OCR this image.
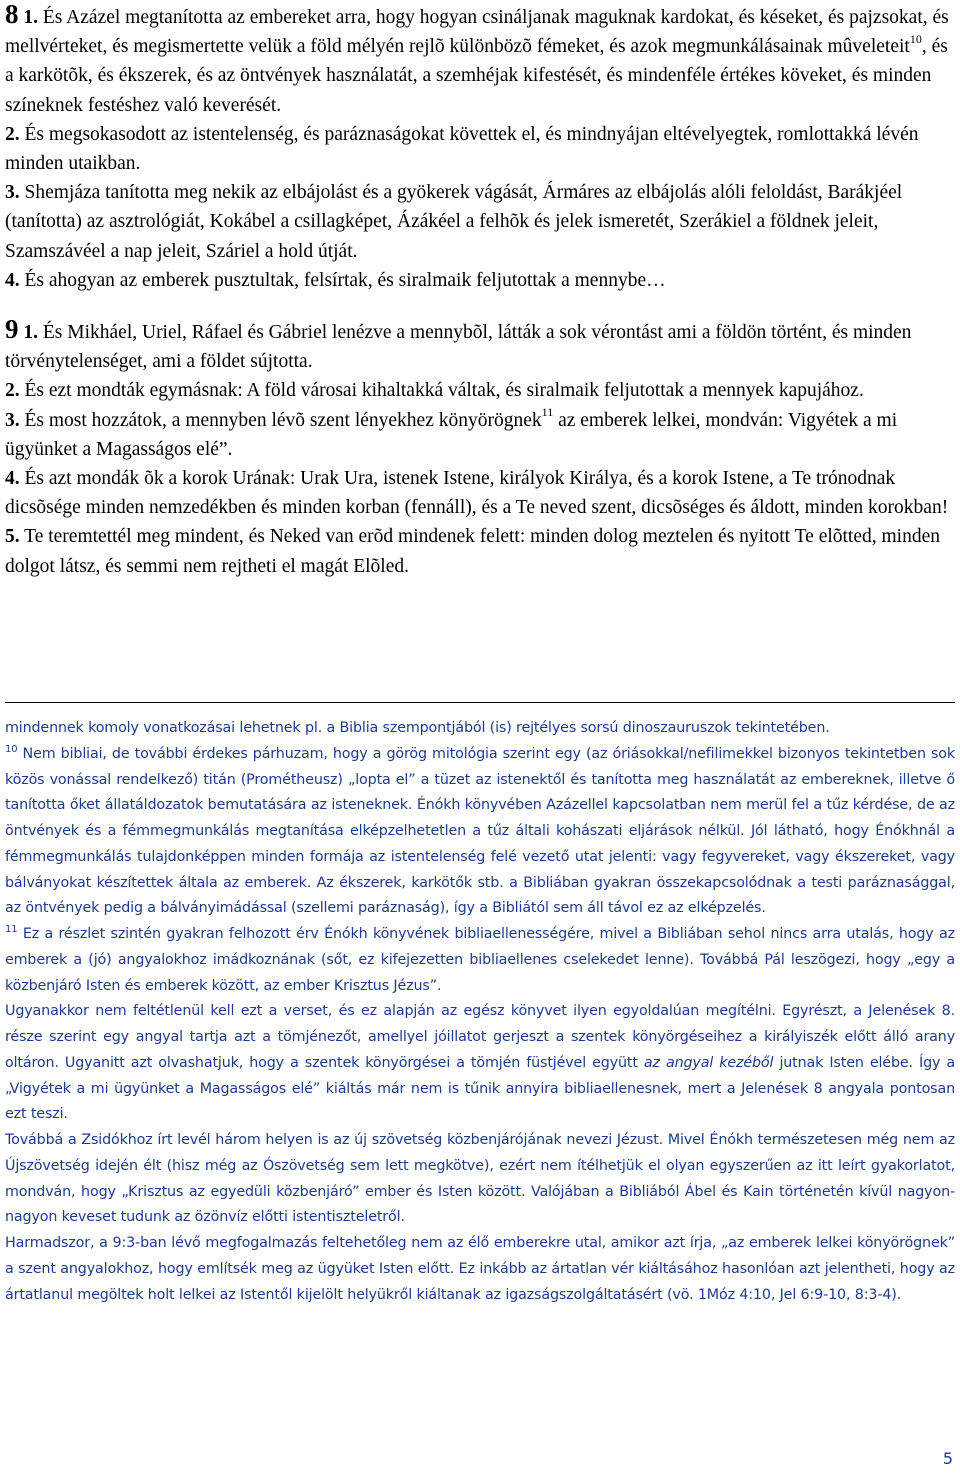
8 1. És Azázel megtanította az embereket arra, hogy hogyan csináljanak maguknak kardokat, és késeket, és pajzsokat, és mellvérteket, és megismertette velük a föld mélyén rejlõ különbözõ fémeket, és azok megmunkálásainak mûveleteit$^{10}$, és a karkötõk, és ékszerek, és az öntvények használatát, a szemhéjak kifestését, és mindenféle értékes köveket, és minden színeknek festéshez való keverését.

2. És megsokasodott az istentelenség, és paráznaságokat követtek el, és mindnyájan eltévelyegtek, romlottakká lévén minden utaikban.

3. Shemjáza tanította meg nekik az elbájolást és a gyökerek vágását, Ármáres az elbájolás alóli feloldást, Barákjéel (tanította) az asztrológiát, Kokábel a csillagképet, Ázákéel a felhõk és jelek ismeretét, Szerákiel a földnek jeleit, Szamszávéel a nap jeleit, Száriel a hold útját.

4. És ahogyan az emberek pusztultak, felsírtak, és siralmaik feljutottak a mennybe…

9 1. És Mikháel, Uriel, Ráfael és Gábriel lenézve a mennybõl, látták a sok vérontást ami a földön történt, és minden törvénytelenséget, ami a földet sújtotta.

2. És ezt mondták egymásnak: A föld városai kihaltakká váltak, és siralmaik feljutottak a mennyek kapujához.

3. És most hozzátok, a mennyben lévõ szent lényekhez könyörögnek$^{11}$ az emberek lelkei, mondván: Vigyétek a mi ügyünket a Magasságos elé”.

4. És azt mondák õk a korok Urának: Urak Ura, istenek Istene, királyok Királya, és a korok Istene, a Te trónodnak dicsõsége minden nemzedékben és minden korban (fennáll), és a Te neved szent, dicsõséges és áldott, minden korokban!

5. Te teremtettél meg mindent, és Neked van erõd mindenek felett: minden dolog meztelen és nyitott Te elõtted, minden dolgot látsz, és semmi nem rejtheti el magát Elõled.

mindennek komoly vonatkozásai lehetnek pl. a Biblia szempontjából (is) rejtélyes sorsú dinoszauruszok tekintetében.

$^{10}$ Nem bibliai, de további érdekes párhuzam, hogy a görög mitológia szerint egy (az óriásokkal/nefilimekkel bizonyos tekintetben sok közös vonással rendelkező) titán (Prométheusz) „lopta el” a tüzet az istenektől és tanította meg használatát az embereknek, illetve ő tanította őket állatáldozatok bemutatására az isteneknek. Énókh könyvében Azázellel kapcsolatban nem merül fel a tűz kérdése, de az öntvények és a fémmegmunkálás megtanítása elképzelhetetlen a tűz általi kohászati eljárások nélkül. Jól látható, hogy Énókhnál a fémmegmunkálás tulajdonképpen minden formája az istentelenség felé vezető utat jelenti: vagy fegyvereket, vagy ékszereket, vagy bálványokat készítettek általa az emberek. Az ékszerek, karkötők stb. a Bibliában gyakran összekapcsolódnak a testi paráznasággal, az öntvények pedig a bálványimádással (szellemi paráznaság), így a Bibliától sem áll távol ez az elképzelés.

$^{11}$ Ez a részlet szintén gyakran felhozott érv Énókh könyvének bibliaellenességére, mivel a Bibliában sehol nincs arra utalás, hogy az emberek a (jó) angyalokhoz imádkoznának (sőt, ez kifejezetten bibliaellenes cselekedet lenne). Továbbá Pál leszögezi, hogy „egy a közbenjáró Isten és emberek között, az ember Krisztus Jézus”.

Ugyanakkor nem feltétlenül kell ezt a verset, és ez alapján az egész könyvet ilyen egyoldalúan megítélni. Egyrészt, a Jelenések 8. része szerint egy angyal tartja azt a tömjénezőt, amellyel jóillatot gerjeszt a szentek könyörgéseihez a királyiszék előtt álló arany oltáron. Ugyanitt azt olvashatjuk, hogy a szentek könyörgései a tömjén füstjével együtt az angyal kezéből jutnak Isten elébe. Így a „Vigyétek a mi ügyünket a Magasságos elé” kiáltás már nem is tűnik annyira bibliaellenesnek, mert a Jelenések 8 angyala pontosan ezt teszi.

Továbbá a Zsidókhoz írt levél három helyen is az új szövetség közbenjárójának nevezi Jézust. Mivel Énókh természetesen még nem az Újszövetség idején élt (hisz még az Ószövetség sem lett megkötve), ezért nem ítélhetjük el olyan egyszerűen az itt leírt gyakorlatot, mondván, hogy „Krisztus az egyedüli közbenjáró” ember és Isten között. Valójában a Bibliából Ábel és Kain történetén kívül nagyon-nagyon keveset tudunk az özönvíz előtti istentiszteletről.

Harmadszor, a 9:3-ban lévő megfogalmazás feltehetőleg nem az élő emberekre utal, amikor azt írja, „az emberek lelkei könyörögnek” a szent angyalokhoz, hogy említsék meg az ügyüket Isten előtt. Ez inkább az ártatlan vér kiáltásához hasonlóan azt jelentheti, hogy az ártatlanul megöltek holt lelkei az Istentől kijelölt helyükről kiáltanak az igazságszolgáltatásért (vö. 1Móz 4:10, Jel 6:9-10, 8:3-4).

5
